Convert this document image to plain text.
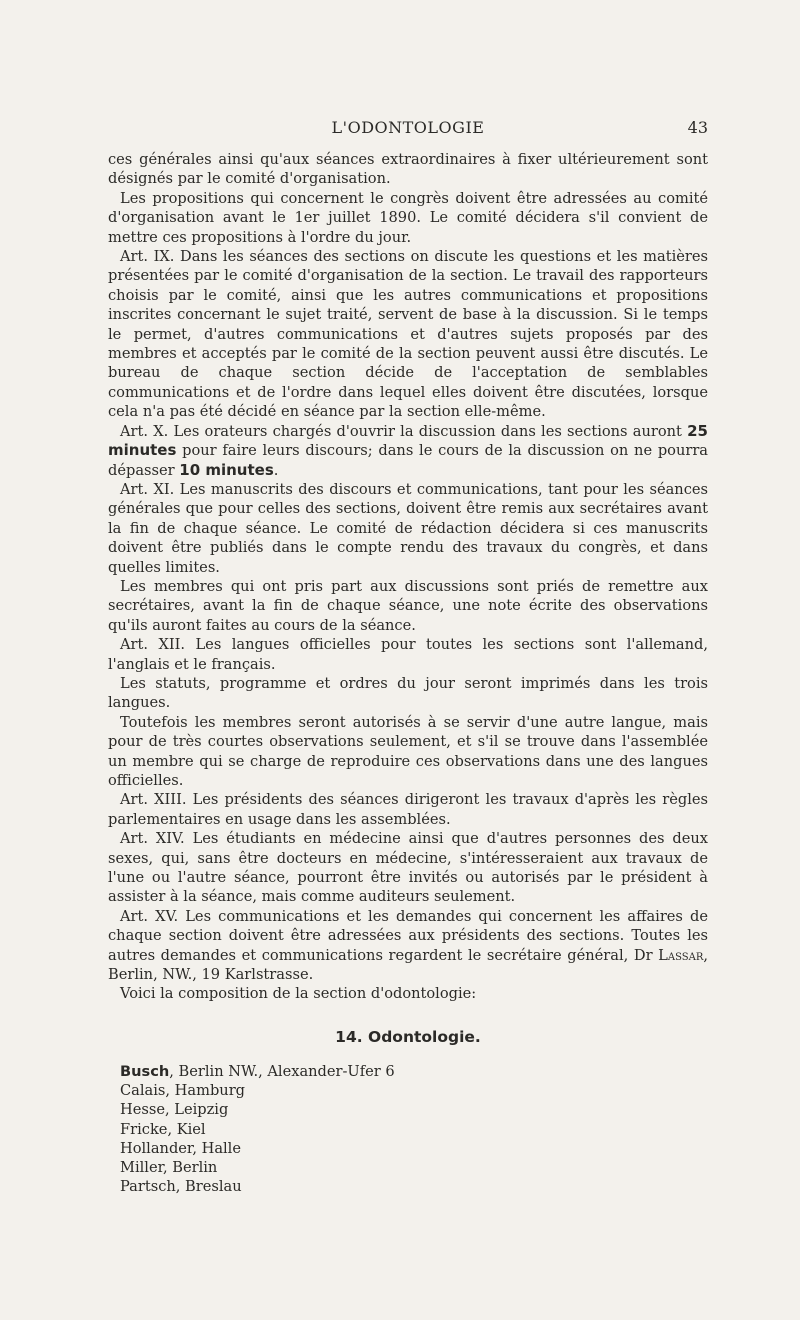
L'ODONTOLOGIE	43

ces générales ainsi qu'aux séances extraordinaires à fixer ultérieurement sont désignés par le comité d'organisation.

Les propositions qui concernent le congrès doivent être adressées au comité d'organisation avant le 1er juillet 1890. Le comité décidera s'il convient de mettre ces propositions à l'ordre du jour.

Art. IX. Dans les séances des sections on discute les questions et les matières présentées par le comité d'organisation de la section. Le travail des rapporteurs choisis par le comité, ainsi que les autres communications et propositions inscrites concernant le sujet traité, servent de base à la discussion. Si le temps le permet, d'autres communications et d'autres sujets proposés par des membres et acceptés par le comité de la section peuvent aussi être discutés. Le bureau de chaque section décide de l'acceptation de semblables communications et de l'ordre dans lequel elles doivent être discutées, lorsque cela n'a pas été décidé en séance par la section elle-même.

Art. X. Les orateurs chargés d'ouvrir la discussion dans les sections auront 25 minutes pour faire leurs discours; dans le cours de la discussion on ne pourra dépasser 10 minutes.

Art. XI. Les manuscrits des discours et communications, tant pour les séances générales que pour celles des sections, doivent être remis aux secrétaires avant la fin de chaque séance. Le comité de rédaction décidera si ces manuscrits doivent être publiés dans le compte rendu des travaux du congrès, et dans quelles limites.

Les membres qui ont pris part aux discussions sont priés de remettre aux secrétaires, avant la fin de chaque séance, une note écrite des observations qu'ils auront faites au cours de la séance.

Art. XII. Les langues officielles pour toutes les sections sont l'allemand, l'anglais et le français.

Les statuts, programme et ordres du jour seront imprimés dans les trois langues.

Toutefois les membres seront autorisés à se servir d'une autre langue, mais pour de très courtes observations seulement, et s'il se trouve dans l'assemblée un membre qui se charge de reproduire ces observations dans une des langues officielles.

Art. XIII. Les présidents des séances dirigeront les travaux d'après les règles parlementaires en usage dans les assemblées.

Art. XIV. Les étudiants en médecine ainsi que d'autres personnes des deux sexes, qui, sans être docteurs en médecine, s'intéresseraient aux travaux de l'une ou l'autre séance, pourront être invités ou autorisés par le président à assister à la séance, mais comme auditeurs seulement.

Art. XV. Les communications et les demandes qui concernent les affaires de chaque section doivent être adressées aux présidents des sections. Toutes les autres demandes et communications regardent le secrétaire général, Dr Lassar, Berlin, NW., 19 Karlstrasse.

Voici la composition de la section d'odontologie:

14. Odontologie.
Busch, Berlin NW., Alexander-Ufer 6
Calais, Hamburg
Hesse, Leipzig
Fricke, Kiel
Hollander, Halle
Miller, Berlin
Partsch, Breslau
